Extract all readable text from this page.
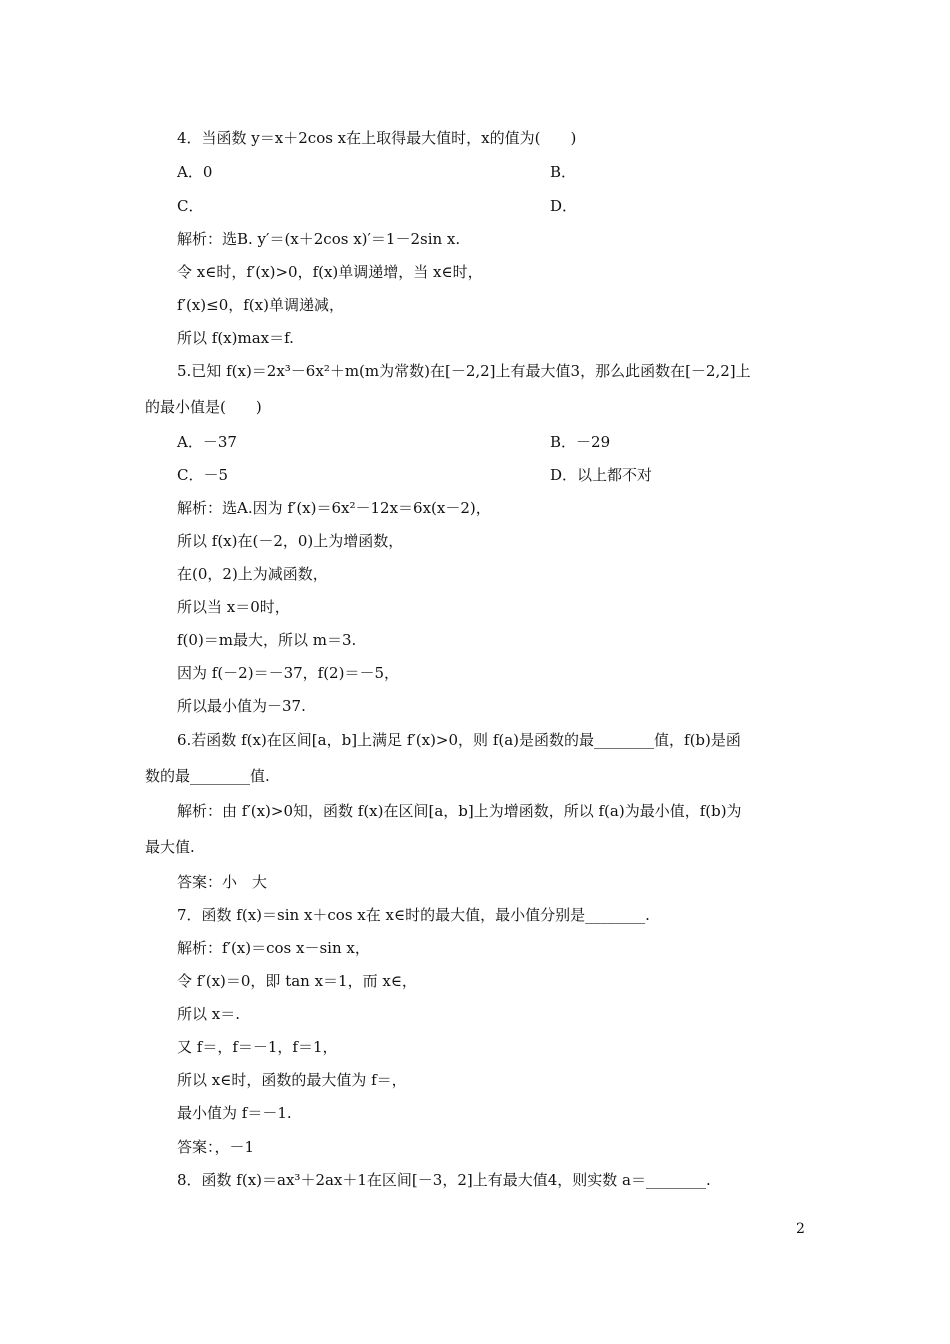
4．当函数 y＝x＋2cos x在上取得最大值时，x的值为(　　)
A．0	B．
C．	D．
解析：选B. y′＝(x＋2cos x)′＝1－2sin x.
令 x∈时，f′(x)>0，f(x)单调递增，当 x∈时，
f′(x)≤0，f(x)单调递减，
所以 f(x)max＝f.
5.已知 f(x)＝2x³－6x²＋m(m为常数)在[－2,2]上有最大值3，那么此函数在[－2,2]上
的最小值是(　　)
A．－37	B．－29
C．－5	D．以上都不对
解析：选A.因为 f′(x)＝6x²－12x＝6x(x－2)，
所以 f(x)在(－2，0)上为增函数，
在(0，2)上为减函数，
所以当 x＝0时，
f(0)＝m最大，所以 m＝3.
因为 f(－2)＝－37，f(2)＝－5，
所以最小值为－37.
6.若函数 f(x)在区间[a，b]上满足 f′(x)>0，则 f(a)是函数的最________值，f(b)是函
数的最________值.
解析：由 f′(x)>0知，函数 f(x)在区间[a，b]上为增函数，所以 f(a)为最小值，f(b)为
最大值.
答案：小　大
7．函数 f(x)＝sin x＋cos x在 x∈时的最大值，最小值分别是________.
解析：f′(x)＝cos x－sin x，
令 f′(x)＝0，即 tan x＝1，而 x∈，
所以 x＝.
又 f＝，f＝－1，f＝1，
所以 x∈时，函数的最大值为 f＝，
最小值为 f＝－1.
答案：，－1
8．函数 f(x)＝ax³＋2ax＋1在区间[－3，2]上有最大值4，则实数 a＝________.
2
